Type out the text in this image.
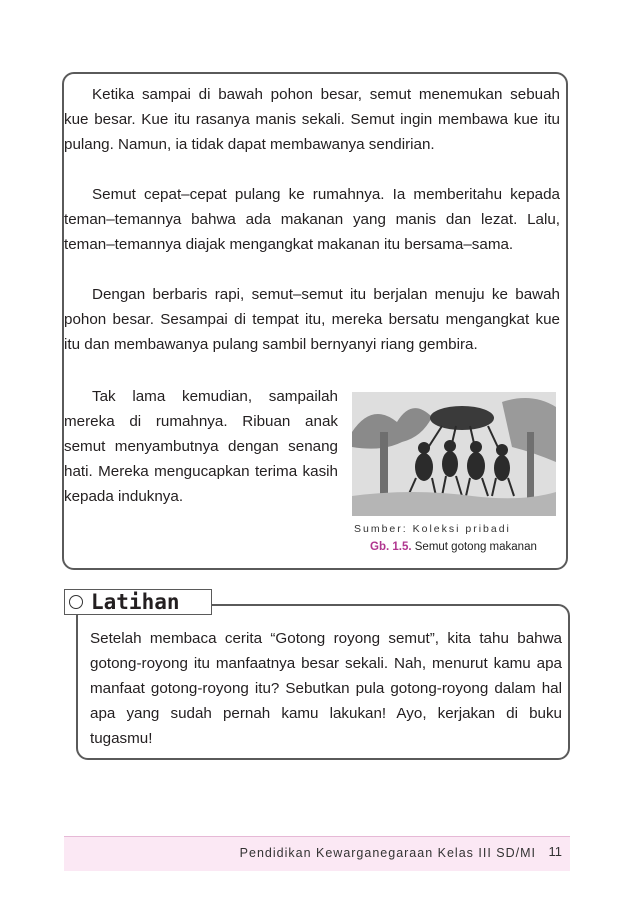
Ketika sampai di bawah pohon besar, semut menemukan sebuah kue besar. Kue itu rasanya manis sekali. Semut ingin membawa kue itu pulang. Namun, ia tidak dapat membawanya sendirian.

Semut cepat–cepat pulang ke rumahnya. Ia memberitahu kepada teman–temannya bahwa ada makanan yang manis dan lezat. Lalu, teman–temannya diajak mengangkat makanan itu bersama–sama.

Dengan berbaris rapi, semut–semut itu berjalan menuju ke bawah pohon besar. Sesampai di tempat itu, mereka bersatu mengangkat kue itu dan membawanya pulang sambil bernyanyi riang gembira.

Tak lama kemudian, sampailah mereka di rumahnya. Ribuan anak semut menyambutnya dengan senang hati. Mereka mengucapkan terima kasih kepada induknya.

Sumber: Koleksi pribadi
Gb. 1.5. Semut gotong makanan
Latihan

Setelah membaca cerita “Gotong royong semut”, kita tahu bahwa gotong-royong itu manfaatnya besar sekali. Nah, menurut kamu apa manfaat gotong-royong itu? Sebutkan pula gotong-royong dalam hal apa yang sudah pernah kamu lakukan! Ayo, kerjakan di buku tugasmu!

Pendidikan Kewarganegaraan Kelas III SD/MI 11
